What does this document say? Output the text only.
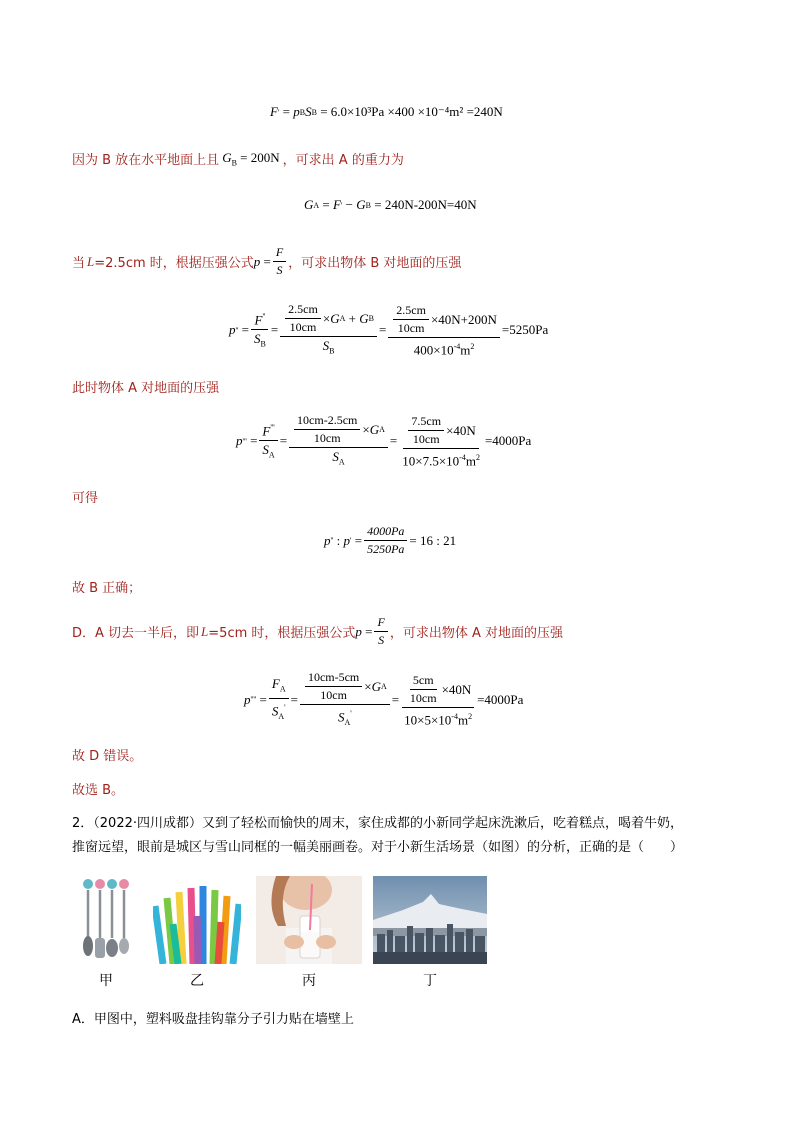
F ' = p B S B
= 6.0×10³Pa ×400 ×10⁻⁴m² =240N
因为 B 放在水平地面上且 $G_B = 200N$ ，可求出 A 的重力为
G A = F ' − G B
= 240N-200N=40N
当 L =2.5cm 时，根据压强公式 $p = \frac{F}{S}$ ，可求出物体 B 对地面的压强
p '' = $\frac{F''}{S_B} = \frac{\frac{2.5cm}{10cm} \times G A + G B}{S_B} = \frac{\frac{2.5cm}{10cm} \times 40N+200N}{400\times 10^{-4}m^2} =5250Pa$
此时物体 A 对地面的压强
p ''' = $\frac{F'''}{S_A} = \frac{\frac{10cm-2.5cm}{10cm} \times G A}{S_A} = \frac{\frac{7.5cm}{10cm} \times 40N}{10\times 7.5\times 10^{-4}m^2} =4000Pa$
可得
p '' : p ' = $\frac{4000Pa}{5250Pa} = 16$ : 21
故 B 正确；
D．A 切去一半后，即 L =5cm 时，根据压强公式 $p = \frac{F}{S}$ ，可求出物体 A 对地面的压强
p '''' = $\frac{F_A}{S_A'} = \frac{\frac{10cm-5cm}{10cm} \times G A}{S_A'} = \frac{\frac{5cm}{10cm} \times 40N}{10\times 5\times 10^{-4}m^2} =4000Pa$
故 D 错误。
故选 B。
2．（2022·四川成都）又到了轻松而愉快的周末，家住成都的小新同学起床洗漱后，吃着糕点，喝着牛奶，
推窗远望，眼前是城区与雪山同框的一幅美丽画卷。对于小新生活场景（如图）的分析，正确的是（　　）
甲	乙	丙	丁
A．甲图中，塑料吸盘挂钩靠分子引力贴在墙壁上
